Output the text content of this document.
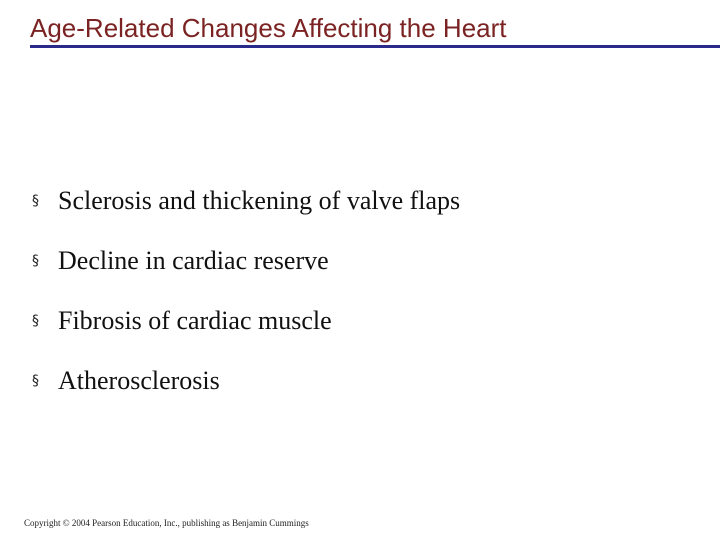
Age-Related Changes Affecting the Heart
§ Sclerosis and thickening of valve flaps
§ Decline in cardiac reserve
§ Fibrosis of cardiac muscle
§ Atherosclerosis
Copyright © 2004 Pearson Education, Inc., publishing as Benjamin Cummings
